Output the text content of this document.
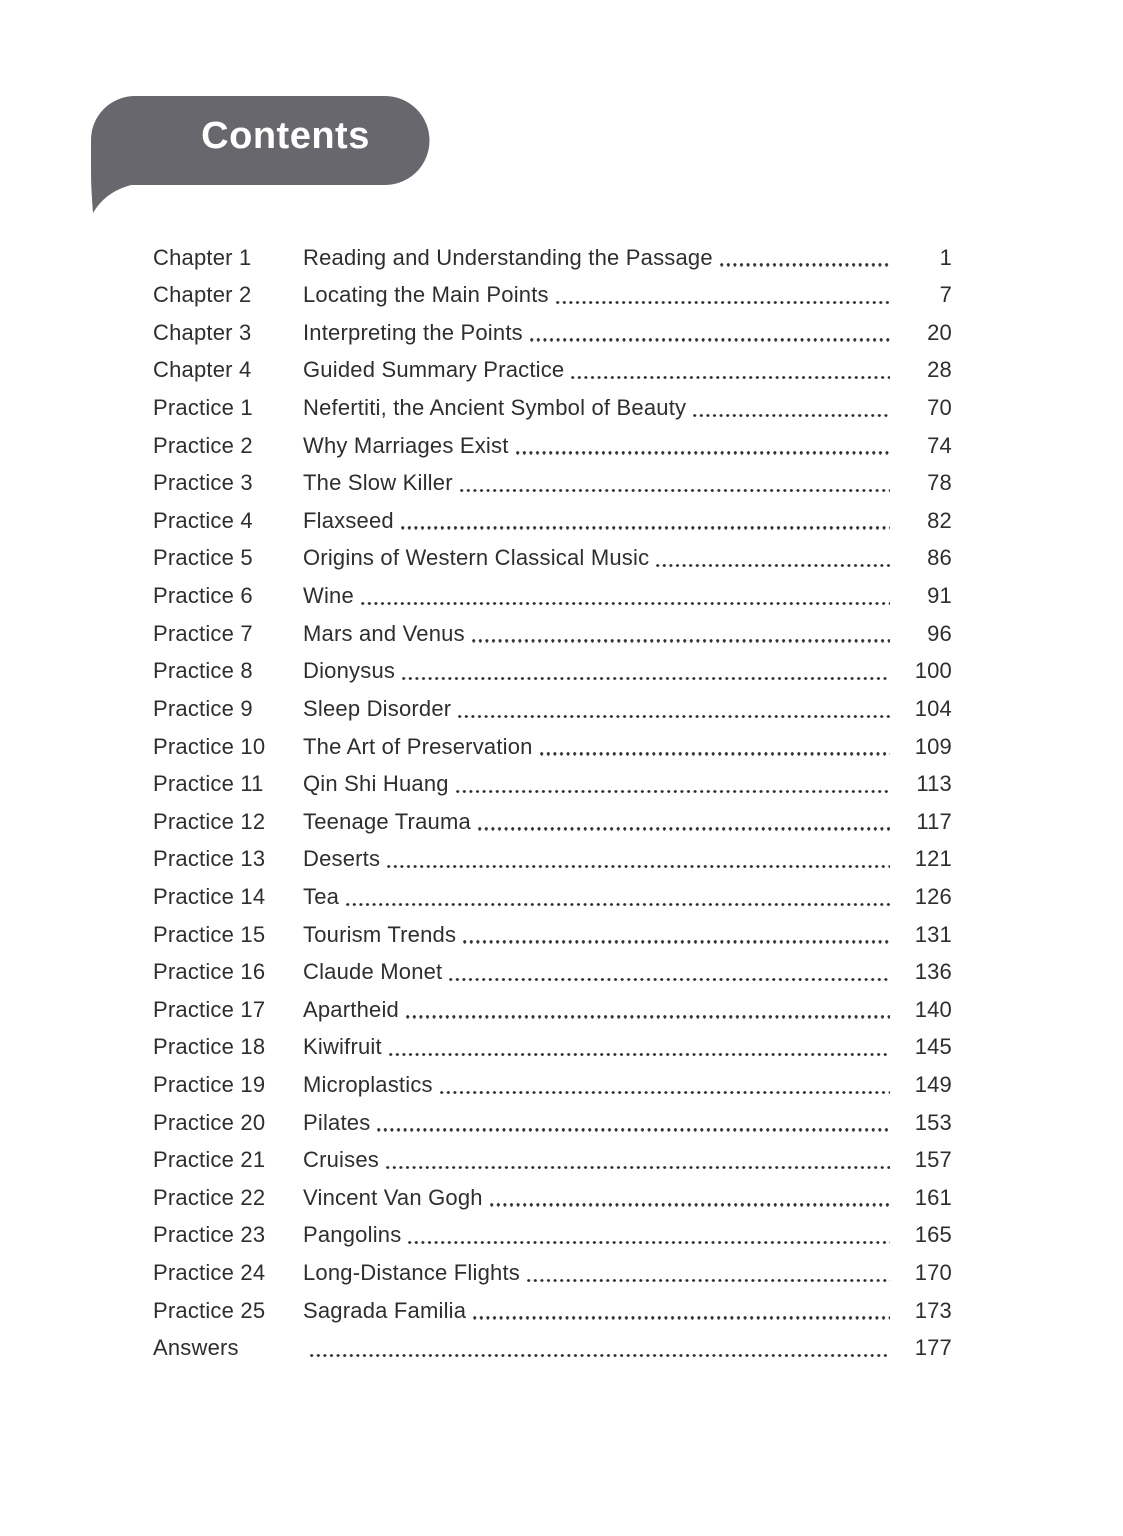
Contents
Chapter 1	Reading and Understanding the Passage	1
Chapter 2	Locating the Main Points	7
Chapter 3	Interpreting the Points	20
Chapter 4	Guided Summary Practice	28
Practice 1	Nefertiti, the Ancient Symbol of Beauty	70
Practice 2	Why Marriages Exist	74
Practice 3	The Slow Killer	78
Practice 4	Flaxseed	82
Practice 5	Origins of Western Classical Music	86
Practice 6	Wine	91
Practice 7	Mars and Venus	96
Practice 8	Dionysus	100
Practice 9	Sleep Disorder	104
Practice 10	The Art of Preservation	109
Practice 11	Qin Shi Huang	113
Practice 12	Teenage Trauma	117
Practice 13	Deserts	121
Practice 14	Tea	126
Practice 15	Tourism Trends	131
Practice 16	Claude Monet	136
Practice 17	Apartheid	140
Practice 18	Kiwifruit	145
Practice 19	Microplastics	149
Practice 20	Pilates	153
Practice 21	Cruises	157
Practice 22	Vincent Van Gogh	161
Practice 23	Pangolins	165
Practice 24	Long-Distance Flights	170
Practice 25	Sagrada Familia	173
Answers	177
